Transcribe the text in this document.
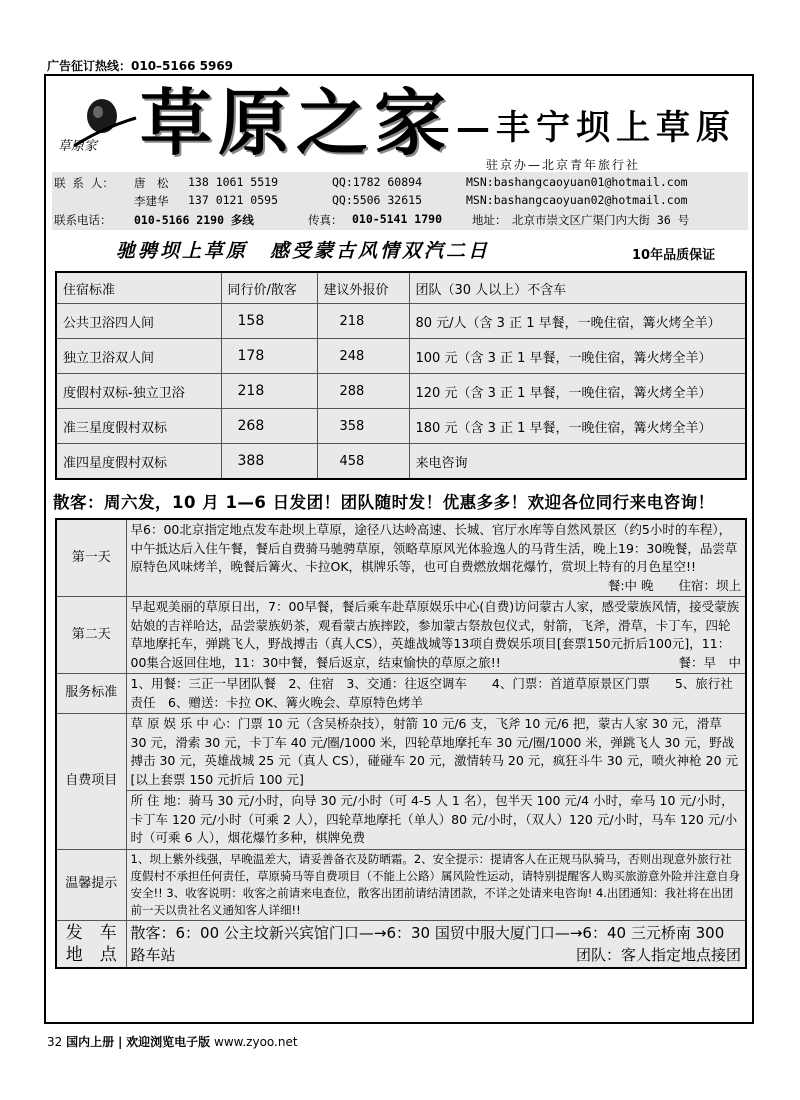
广告征订热线：010–5166 5969
草原家 草原之家
——丰宁坝上草原
驻京办—北京青年旅行社
联 系 人： 唐　松 138 1061 5519	QQ:1782 60894	MSN:bashangcaoyuan01@hotmail.com
李建华 137 0121 0595	QQ:5506 32615	MSN:bashangcaoyuan02@hotmail.com
联系电话： 010-5166 2190 多线	传真： 010-5141 1790	地址： 北京市崇文区广渠门内大街 36 号
驰骋坝上草原　感受蒙古风情双汽二日	10年品质保证
住宿标准	同行价/散客	建议外报价	团队（30 人以上）不含车
公共卫浴四人间	158	218	80 元/人（含 3 正 1 早餐，一晚住宿，篝火烤全羊）
独立卫浴双人间	178	248	100 元（含 3 正 1 早餐，一晚住宿，篝火烤全羊）
度假村双标-独立卫浴	218	288	120 元（含 3 正 1 早餐，一晚住宿，篝火烤全羊）
准三星度假村双标	268	358	180 元（含 3 正 1 早餐，一晚住宿，篝火烤全羊）
准四星度假村双标	388	458	来电咨询
散客：周六发，10 月 1—6 日发团！团队随时发！优惠多多！欢迎各位同行来电咨询！
第一天	早6：00北京指定地点发车赴坝上草原，途径八达岭高速、长城、官厅水库等自然风景区（约5小时的车程），中午抵达后入住午餐，餐后自费骑马驰骋草原，领略草原风光体验逸人的马背生活，晚上19：30晚餐，品尝草原特色风味烤羊，晚餐后篝火、卡拉OK，棋牌乐等，也可自费燃放烟花爆竹，赏坝上特有的月色星空!!
餐:中 晚　　住宿：坝上

第二天	早起观美丽的草原日出，7：00早餐，餐后乘车赴草原娱乐中心(自费)访问蒙古人家，感受蒙族风情，接受蒙族姑娘的吉祥哈达，品尝蒙族奶茶，观看蒙古族摔跤，参加蒙古祭敖包仪式，射箭，飞斧，滑草，卡丁车，四轮草地摩托车，弹跳飞人，野战搏击（真人CS），英雄战城等13项自费娱乐项目[套票150元折后100元]，11：00集合返回住地，11：30中餐，餐后返京，结束愉快的草原之旅!! 餐：早　中

服务标准	1、用餐：三正一早团队餐　2、住宿　3、交通：往返空调车　　4、门票：首道草原景区门票　　5、旅行社责任　6、赠送：卡拉 OK、篝火晚会、草原特色烤羊
自费项目	草 原 娱 乐 中 心：门票 10 元（含吴桥杂技），射箭 10 元/6 支，飞斧 10 元/6 把，蒙古人家 30 元，滑草 30 元，滑索 30 元，卡丁车 40 元/圈/1000 米，四轮草地摩托车 30 元/圈/1000 米，弹跳飞人 30 元，野战搏击 30 元，英雄战城 25 元（真人 CS），碰碰车 20 元，激情转马 20 元，疯狂斗牛 30 元，喷火神枪 20 元　　[以上套票 150 元折后 100 元]
	所 住 地：骑马 30 元/小时，向导 30 元/小时（可 4-5 人 1 名），包半天 100 元/4 小时，牵马 10 元/小时，卡丁车 120 元/小时（可乘 2 人），四轮草地摩托（单人）80 元/小时，（双人）120 元/小时，马车 120 元/小时（可乘 6 人），烟花爆竹多种，棋牌免费
温馨提示	1、坝上紫外线强，早晚温差大，请妥善备衣及防晒霜。2、安全提示：提请客人在正规马队骑马，否则出现意外旅行社度假村不承担任何责任，草原骑马等自费项目（不能上公路）属风险性运动，请特别提醒客人购买旅游意外险并注意自身安全!! 3、收客说明：收客之前请来电查位，散客出团前请结清团款，不详之处请来电咨询! 4.出团通知：我社将在出团前一天以贵社名义通知客人详细!!
发　车
地　点	散客：6：00 公主坟新兴宾馆门口—→6：30 国贸中服大厦门口—→6：40 三元桥南 300 路车站 团队：客人指定地点接团
32 国内上册 | 欢迎浏览电子版 www.zyoo.net
